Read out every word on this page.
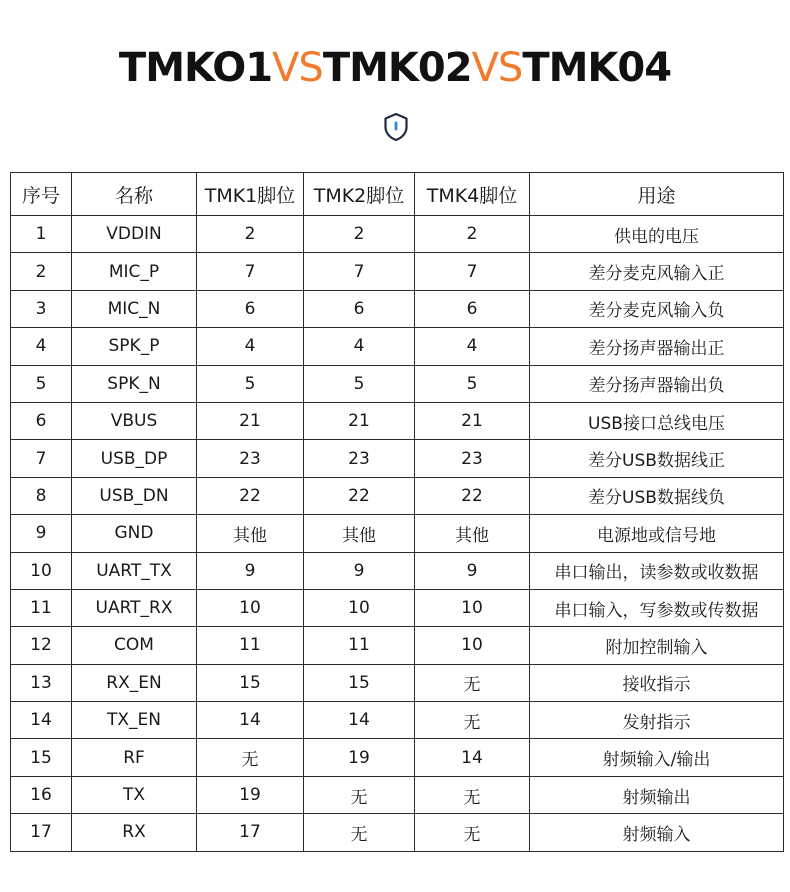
TMKO1VSTMK02VSTMK04
序号	名称	TMK1脚位	TMK2脚位	TMK4脚位	用途
1	VDDIN	2	2	2	供电的电压
2	MIC_P	7	7	7	差分麦克风输入正
3	MIC_N	6	6	6	差分麦克风输入负
4	SPK_P	4	4	4	差分扬声器输出正
5	SPK_N	5	5	5	差分扬声器输出负
6	VBUS	21	21	21	USB接口总线电压
7	USB_DP	23	23	23	差分USB数据线正
8	USB_DN	22	22	22	差分USB数据线负
9	GND	其他	其他	其他	电源地或信号地
10	UART_TX	9	9	9	串口输出，读参数或收数据
11	UART_RX	10	10	10	串口输入，写参数或传数据
12	COM	11	11	10	附加控制输入
13	RX_EN	15	15	无	接收指示
14	TX_EN	14	14	无	发射指示
15	RF	无	19	14	射频输入/输出
16	TX	19	无	无	射频输出
17	RX	17	无	无	射频输入
